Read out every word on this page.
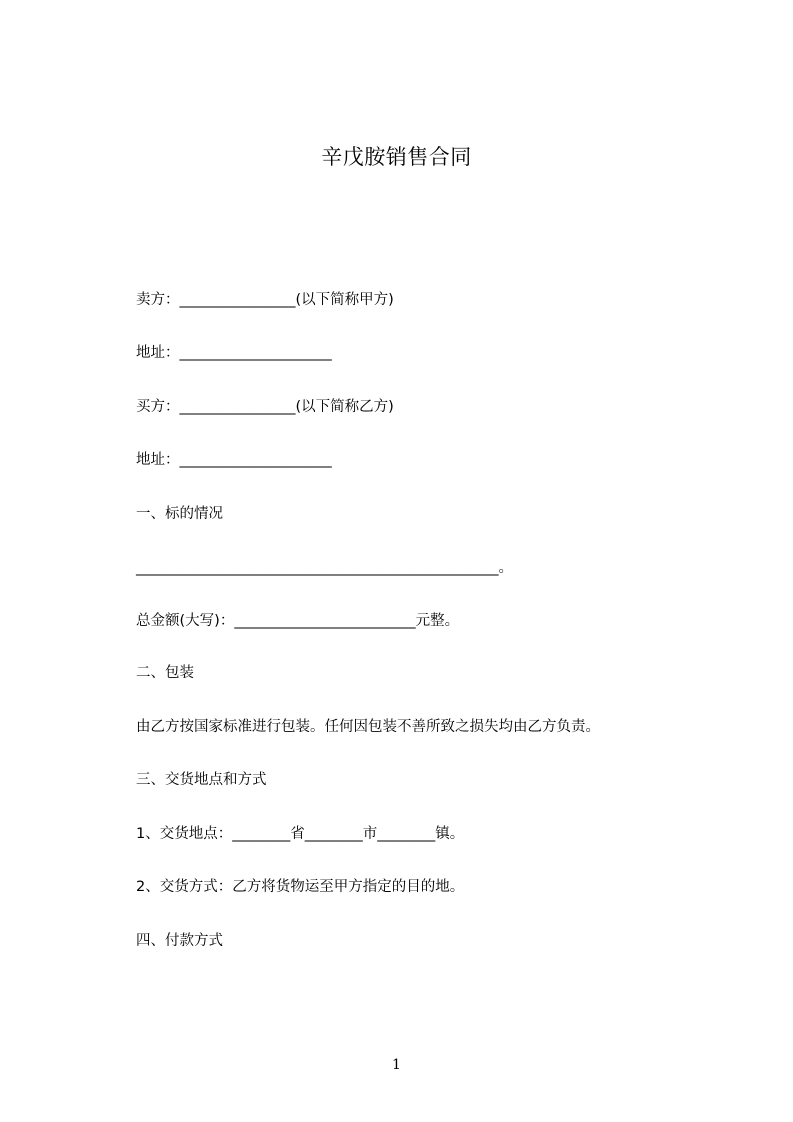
辛戊胺销售合同
卖方：________________(以下简称甲方)
地址：_____________________
买方：________________(以下简称乙方)
地址：_____________________
一、标的情况
__________________________________________________。
总金额(大写)：_________________________元整。
二、包装
由乙方按国家标准进行包装。任何因包装不善所致之损失均由乙方负责。
三、交货地点和方式
1、交货地点：________省________市________镇。
2、交货方式：乙方将货物运至甲方指定的目的地。
四、付款方式
1
